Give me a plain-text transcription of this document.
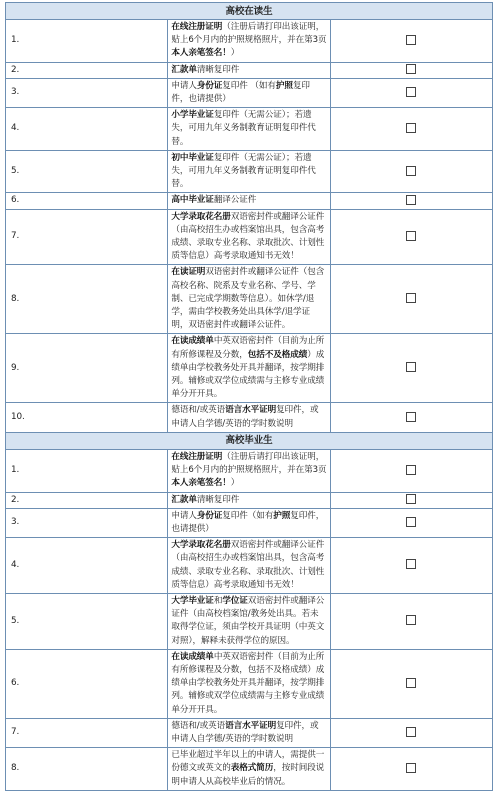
高校在读生		
1.	在线注册证明（注册后请打印出该证明，贴上6个月内的护照规格照片，并在第3页本人亲笔签名！）	
2.	汇款单清晰复印件	
3.	申请人身份证复印件 （如有护照复印件，也请提供）	
4.	小学毕业证复印件（无需公证）；若遗失，可用九年义务制教育证明复印件代替。	
5.	初中毕业证复印件（无需公证）；若遗失，可用九年义务制教育证明复印件代替。	
6.	高中毕业证翻译公证件	
7.	大学录取花名册双语密封件或翻译公证件（由高校招生办或档案馆出具，包含高考成绩、录取专业名称、录取批次、计划性质等信息）高考录取通知书无效！	
8.	在读证明双语密封件或翻译公证件（包含高校名称、院系及专业名称、学号、学制、已完成学期数等信息）。如休学/退学，需由学校教务处出具休学/退学证明，双语密封件或翻译公证件。	
9.	在读成绩单中英双语密封件（目前为止所有所修课程及分数，包括不及格成绩）成绩单由学校教务处开具并翻译，按学期排列。辅修或双学位成绩需与主修专业成绩单分开开具。	
10.	德语和/或英语语言水平证明复印件，或申请人自学德/英语的学时数说明	
高校毕业生		
1.	在线注册证明（注册后请打印出该证明，贴上6个月内的护照规格照片，并在第3页本人亲笔签名！）	
2.	汇款单清晰复印件	
3.	申请人身份证复印件（如有护照复印件，也请提供）	
4.	大学录取花名册双语密封件或翻译公证件（由高校招生办或档案馆出具，包含高考成绩、录取专业名称、录取批次、计划性质等信息）高考录取通知书无效！	
5.	大学毕业证和学位证双语密封件或翻译公证件（由高校档案馆/教务处出具。若未取得学位证，须由学校开具证明（中英文对照），解释未获得学位的原因。	
6.	在读成绩单中英双语密封件（目前为止所有所修课程及分数，包括不及格成绩）成绩单由学校教务处开具并翻译，按学期排列。辅修或双学位成绩需与主修专业成绩单分开开具。	
7.	德语和/或英语语言水平证明复印件，或申请人自学德/英语的学时数说明	
8.	已毕业超过半年以上的申请人，需提供一份德文或英文的表格式简历，按时间段说明申请人从高校毕业后的情况。	
